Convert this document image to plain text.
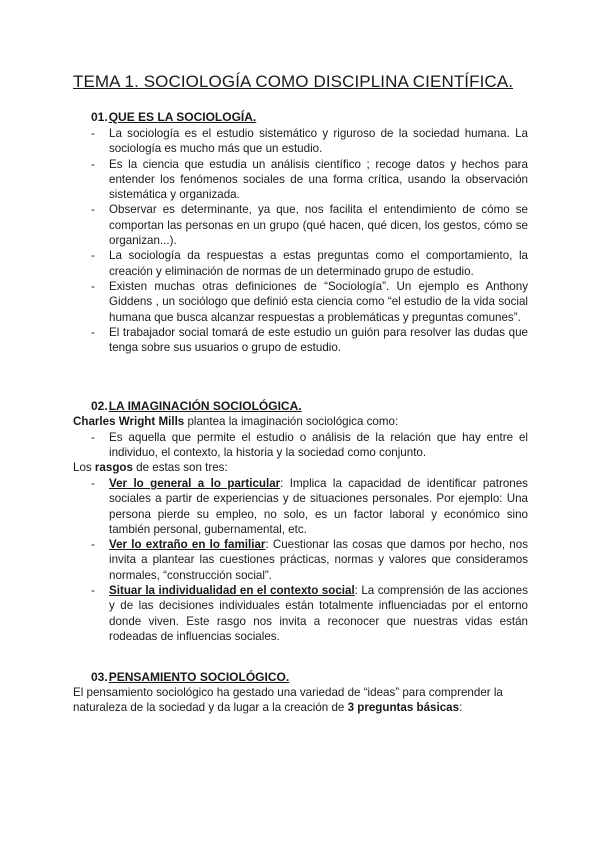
TEMA 1. SOCIOLOGÍA COMO DISCIPLINA CIENTÍFICA.
01.QUE ES LA SOCIOLOGÍA.
- La sociología es el estudio sistemático y riguroso de la sociedad humana. La sociología es mucho más que un estudio.
- Es la ciencia que estudia un análisis científico ; recoge datos y hechos para entender los fenómenos sociales de una forma crítica, usando la observación sistemática y organizada.
- Observar es determinante, ya que, nos facilita el entendimiento de cómo se comportan las personas en un grupo (qué hacen, qué dicen, los gestos, cómo se organizan...).
- La sociología da respuestas a estas preguntas como el comportamiento, la creación y eliminación de normas de un determinado grupo de estudio.
- Existen muchas otras definiciones de “Sociología”. Un ejemplo es Anthony Giddens , un sociólogo que definió esta ciencia como “el estudio de la vida social humana que busca alcanzar respuestas a problemáticas y preguntas comunes”.
- El trabajador social tomará de este estudio un guión para resolver las dudas que tenga sobre sus usuarios o grupo de estudio.
02.LA IMAGINACIÓN SOCIOLÓGICA.
Charles Wright Mills plantea la imaginación sociológica como:
- Es aquella que permite el estudio o análisis de la relación que hay entre el individuo, el contexto, la historia y la sociedad como conjunto.
Los rasgos de estas son tres:
- Ver lo general a lo particular: Implica la capacidad de identificar patrones sociales a partir de experiencias y de situaciones personales. Por ejemplo: Una persona pierde su empleo, no solo, es un factor laboral y económico sino también personal, gubernamental, etc.
- Ver lo extraño en lo familiar: Cuestionar las cosas que damos por hecho, nos invita a plantear las cuestiones prácticas, normas y valores que consideramos normales, “construcción social”.
- Situar la individualidad en el contexto social: La comprensión de las acciones y de las decisiones individuales están totalmente influenciadas por el entorno donde viven. Este rasgo nos invita a reconocer que nuestras vidas están rodeadas de influencias sociales.
03.PENSAMIENTO SOCIOLÓGICO.
El pensamiento sociológico ha gestado una variedad de “ideas” para comprender la naturaleza de la sociedad y da lugar a la creación de 3 preguntas básicas:
